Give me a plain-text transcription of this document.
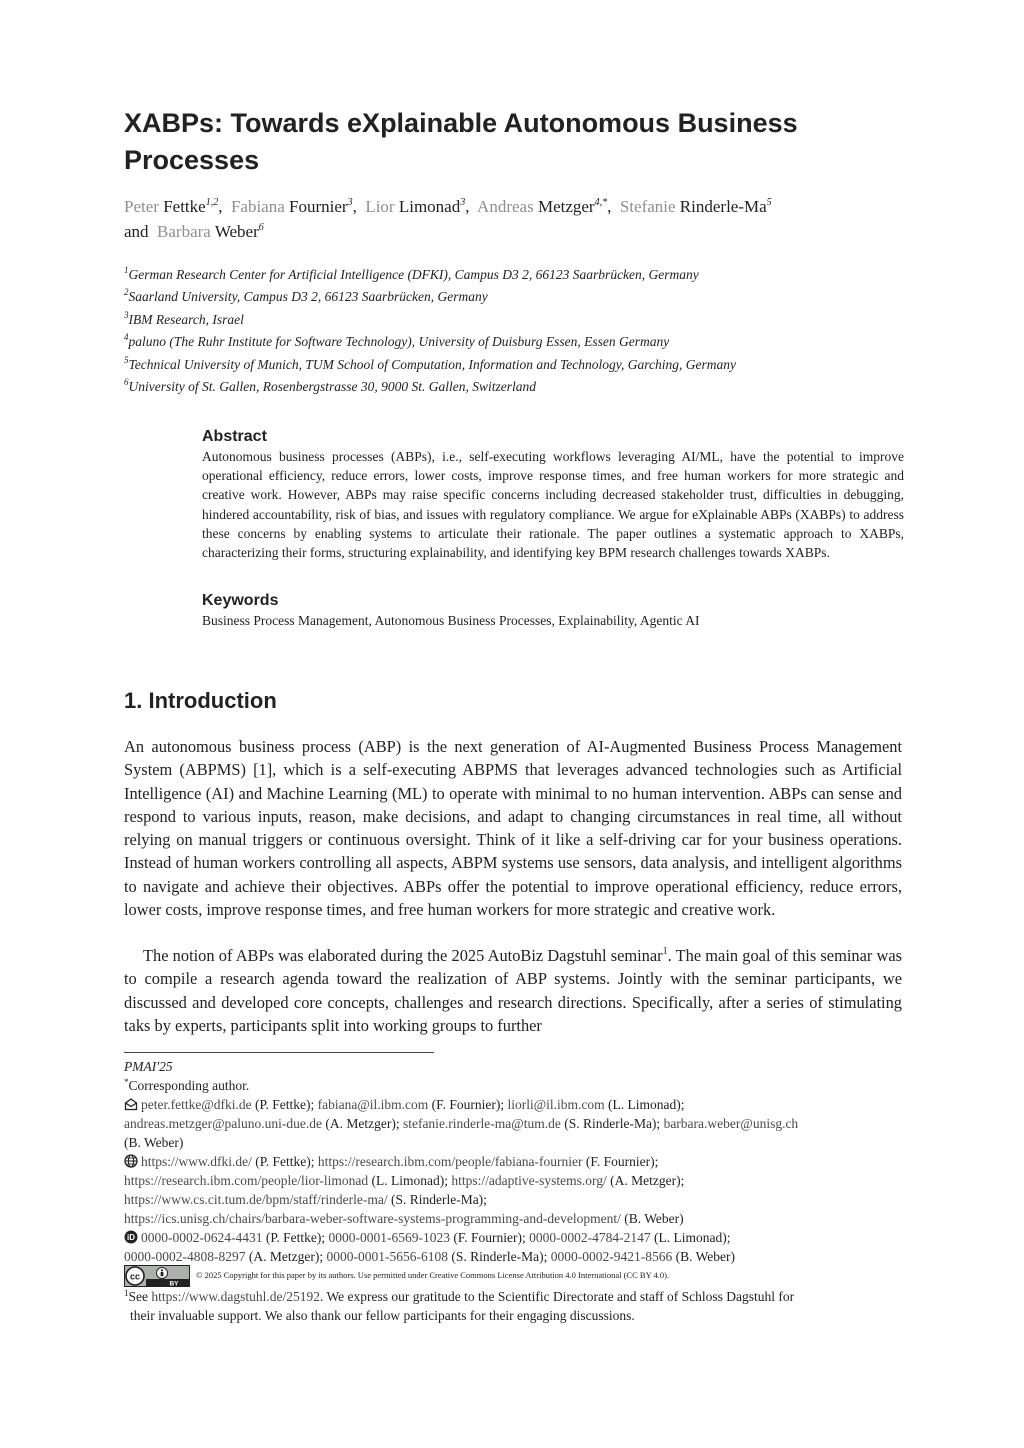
XABPs: Towards eXplainable Autonomous Business Processes
Peter Fettke$^{1,2}$,  Fabiana Fournier$^3$,  Lior Limonad$^3$,  Andreas Metzger$^{4,*}$,  Stefanie Rinderle-Ma$^5$
and Barbara Weber$^6$
$^1$German Research Center for Artificial Intelligence (DFKI), Campus D3 2, 66123 Saarbrücken, Germany
$^2$Saarland University, Campus D3 2, 66123 Saarbrücken, Germany
$^3$IBM Research, Israel
$^4$paluno (The Ruhr Institute for Software Technology), University of Duisburg Essen, Essen Germany
$^5$Technical University of Munich, TUM School of Computation, Information and Technology, Garching, Germany
$^6$University of St. Gallen, Rosenbergstrasse 30, 9000 St. Gallen, Switzerland
Abstract

Autonomous business processes (ABPs), i.e., self-executing workflows leveraging AI/ML, have the potential to improve operational efficiency, reduce errors, lower costs, improve response times, and free human workers for more strategic and creative work. However, ABPs may raise specific concerns including decreased stakeholder trust, difficulties in debugging, hindered accountability, risk of bias, and issues with regulatory compliance. We argue for eXplainable ABPs (XABPs) to address these concerns by enabling systems to articulate their rationale. The paper outlines a systematic approach to XABPs, characterizing their forms, structuring explainability, and identifying key BPM research challenges towards XABPs.

Keywords

Business Process Management, Autonomous Business Processes, Explainability, Agentic AI

1. Introduction

An autonomous business process (ABP) is the next generation of AI-Augmented Business Process Management System (ABPMS) [1], which is a self-executing ABPMS that leverages advanced technologies such as Artificial Intelligence (AI) and Machine Learning (ML) to operate with minimal to no human intervention. ABPs can sense and respond to various inputs, reason, make decisions, and adapt to changing circumstances in real time, all without relying on manual triggers or continuous oversight. Think of it like a self-driving car for your business operations. Instead of human workers controlling all aspects, ABPM systems use sensors, data analysis, and intelligent algorithms to navigate and achieve their objectives. ABPs offer the potential to improve operational efficiency, reduce errors, lower costs, improve response times, and free human workers for more strategic and creative work.

The notion of ABPs was elaborated during the 2025 AutoBiz Dagstuhl seminar$^1$. The main goal of this seminar was to compile a research agenda toward the realization of ABP systems. Jointly with the seminar participants, we discussed and developed core concepts, challenges and research directions. Specifically, after a series of stimulating taks by experts, participants split into working groups to further

PMAI'25
*Corresponding author.
peter.fettke@dfki.de (P. Fettke); fabiana@il.ibm.com (F. Fournier); liorli@il.ibm.com (L. Limonad);
andreas.metzger@paluno.uni-due.de (A. Metzger); stefanie.rinderle-ma@tum.de (S. Rinderle-Ma); barbara.weber@unisg.ch
(B. Weber)
https://www.dfki.de/ (P. Fettke); https://research.ibm.com/people/fabiana-fournier (F. Fournier);
https://research.ibm.com/people/lior-limonad (L. Limonad); https://adaptive-systems.org/ (A. Metzger);
https://www.cs.cit.tum.de/bpm/staff/rinderle-ma/ (S. Rinderle-Ma);
https://ics.unisg.ch/chairs/barbara-weber-software-systems-programming-and-development/ (B. Weber)
iD 0000-0002-0624-4431 (P. Fettke); 0000-0001-6569-1023 (F. Fournier); 0000-0002-4784-2147 (L. Limonad);
0000-0002-4808-8297 (A. Metzger); 0000-0001-5656-6108 (S. Rinderle-Ma); 0000-0002-9421-8566 (B. Weber)
cc
BY
© 2025 Copyright for this paper by its authors. Use permitted under Creative Commons License Attribution 4.0 International (CC BY 4.0).
$^1$See https://www.dagstuhl.de/25192. We express our gratitude to the Scientific Directorate and staff of Schloss Dagstuhl for
their invaluable support. We also thank our fellow participants for their engaging discussions.
